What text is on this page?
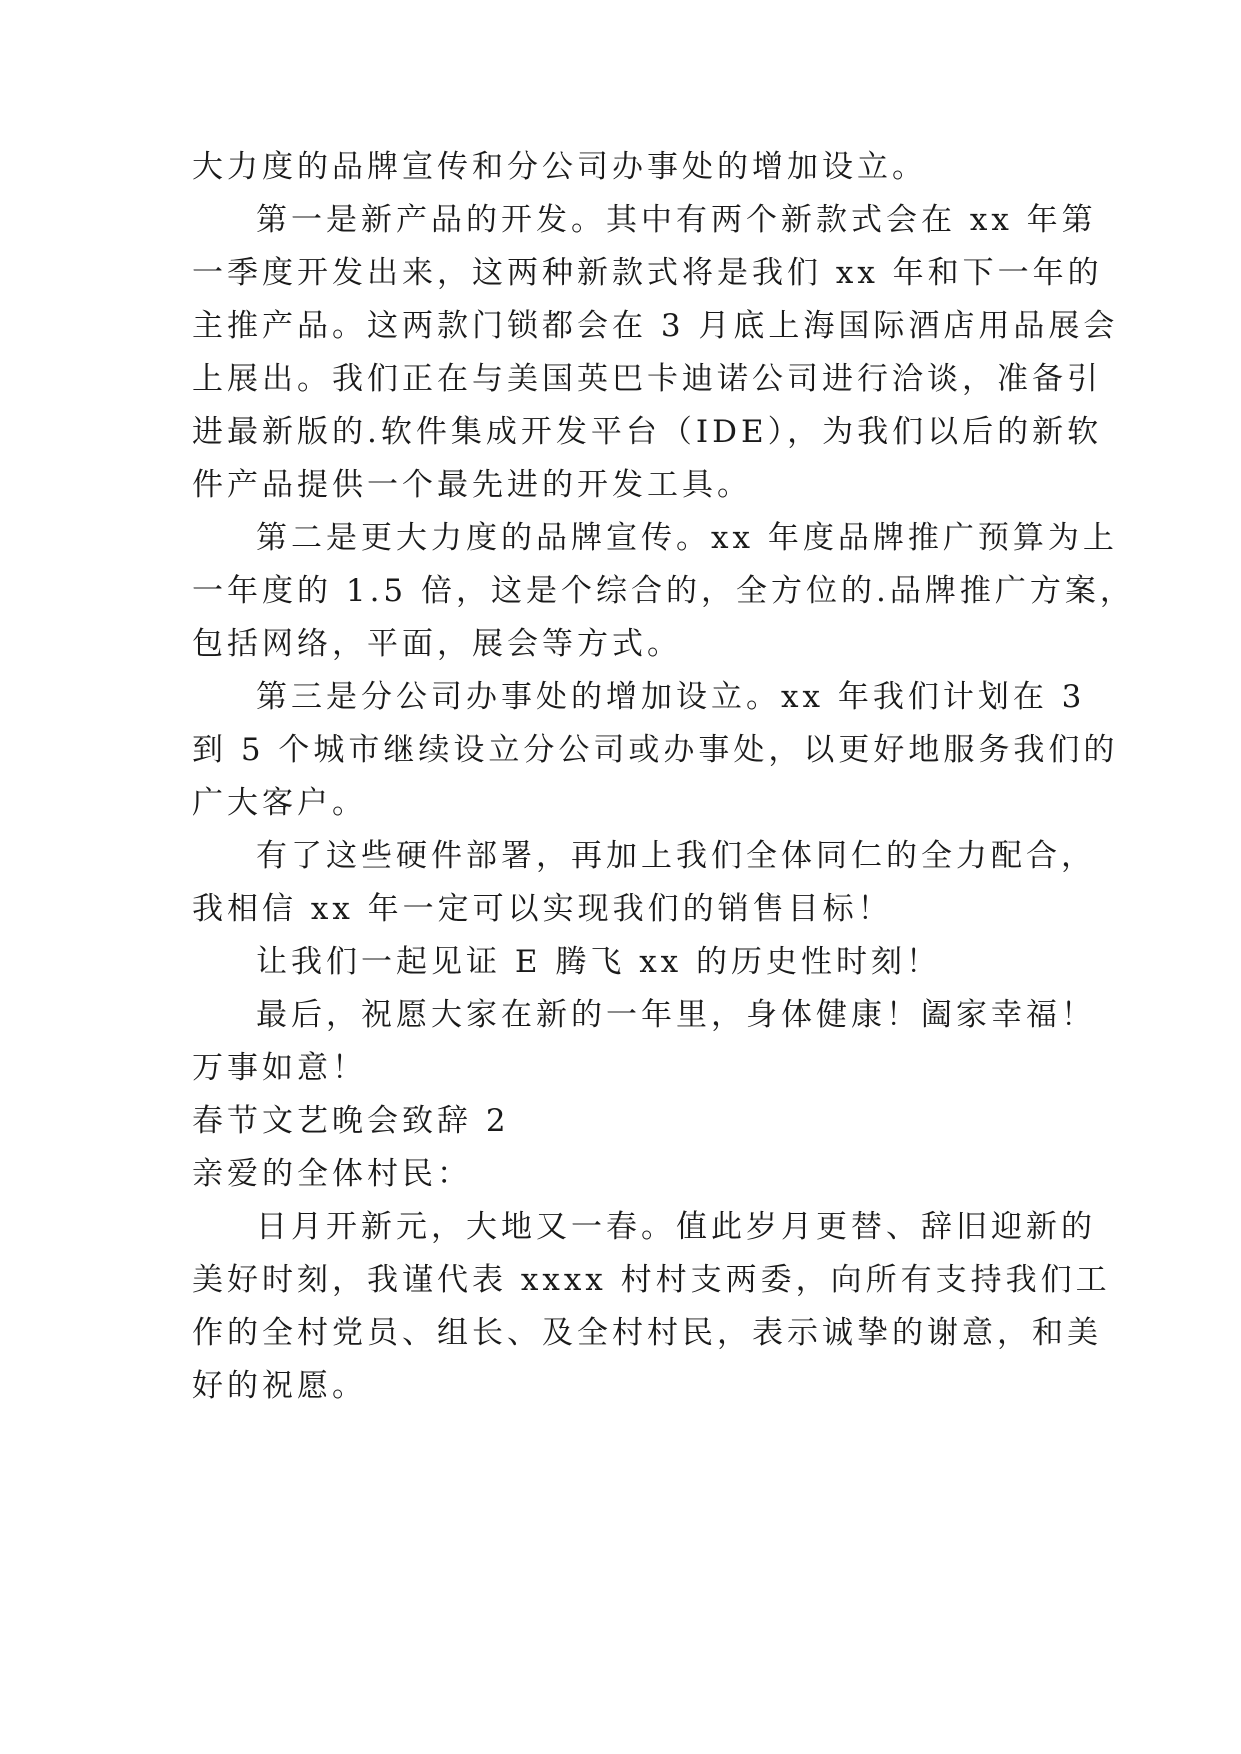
大力度的品牌宣传和分公司办事处的增加设立。
第一是新产品的开发。其中有两个新款式会在 xx 年第
一季度开发出来，这两种新款式将是我们 xx 年和下一年的
主推产品。这两款门锁都会在 3 月底上海国际酒店用品展会
上展出。我们正在与美国英巴卡迪诺公司进行洽谈，准备引
进最新版的.软件集成开发平台（IDE），为我们以后的新软
件产品提供一个最先进的开发工具。
第二是更大力度的品牌宣传。xx 年度品牌推广预算为上
一年度的 1.5 倍，这是个综合的，全方位的.品牌推广方案，
包括网络，平面，展会等方式。
第三是分公司办事处的增加设立。xx 年我们计划在 3
到 5 个城市继续设立分公司或办事处，以更好地服务我们的
广大客户。
有了这些硬件部署，再加上我们全体同仁的全力配合，
我相信 xx 年一定可以实现我们的销售目标！
让我们一起见证 E 腾飞 xx 的历史性时刻！
最后，祝愿大家在新的一年里，身体健康！阖家幸福！
万事如意！
春节文艺晚会致辞 2
亲爱的全体村民：
日月开新元，大地又一春。值此岁月更替、辞旧迎新的
美好时刻，我谨代表 xxxx 村村支两委，向所有支持我们工
作的全村党员、组长、及全村村民，表示诚挚的谢意，和美
好的祝愿。
